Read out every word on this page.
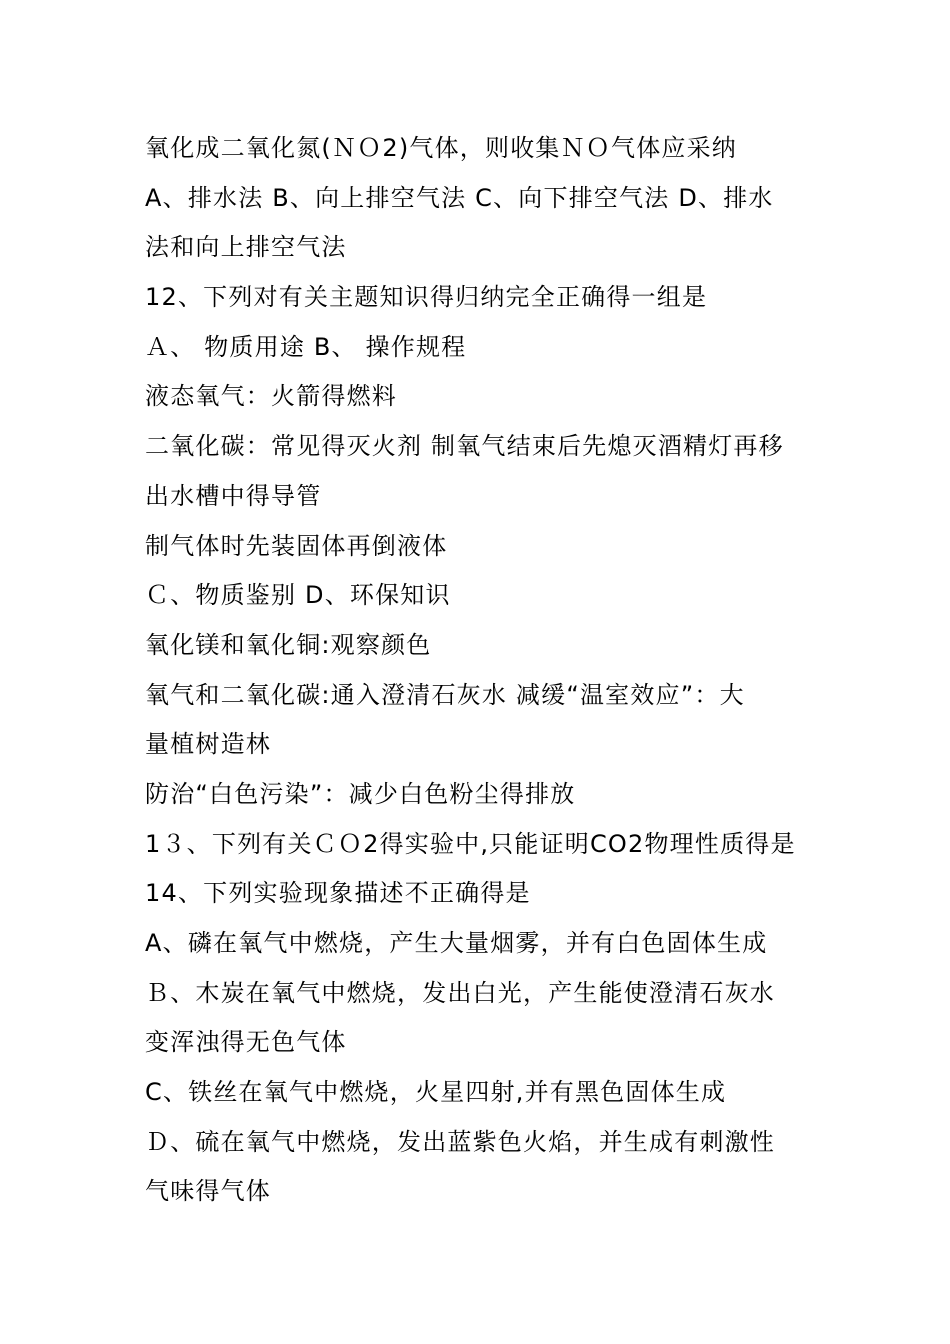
氧化成二氧化氮(ＮＯ2)气体，则收集ＮＯ气体应采纳
A、排水法 B、向上排空气法 C、向下排空气法 D、排水
法和向上排空气法
12、下列对有关主题知识得归纳完全正确得一组是
Ａ、 物质用途 B、 操作规程
液态氧气：火箭得燃料
二氧化碳：常见得灭火剂 制氧气结束后先熄灭酒精灯再移
出水槽中得导管
制气体时先装固体再倒液体
Ｃ、物质鉴别 D、环保知识
氧化镁和氧化铜:观察颜色
氧气和二氧化碳:通入澄清石灰水 减缓“温室效应”：大
量植树造林
防治“白色污染”：减少白色粉尘得排放
1３、下列有关ＣＯ2得实验中,只能证明CO2物理性质得是
14、下列实验现象描述不正确得是
A、磷在氧气中燃烧，产生大量烟雾，并有白色固体生成
Ｂ、木炭在氧气中燃烧，发出白光，产生能使澄清石灰水
变浑浊得无色气体
C、铁丝在氧气中燃烧，火星四射,并有黑色固体生成
Ｄ、硫在氧气中燃烧，发出蓝紫色火焰，并生成有刺激性
气味得气体
